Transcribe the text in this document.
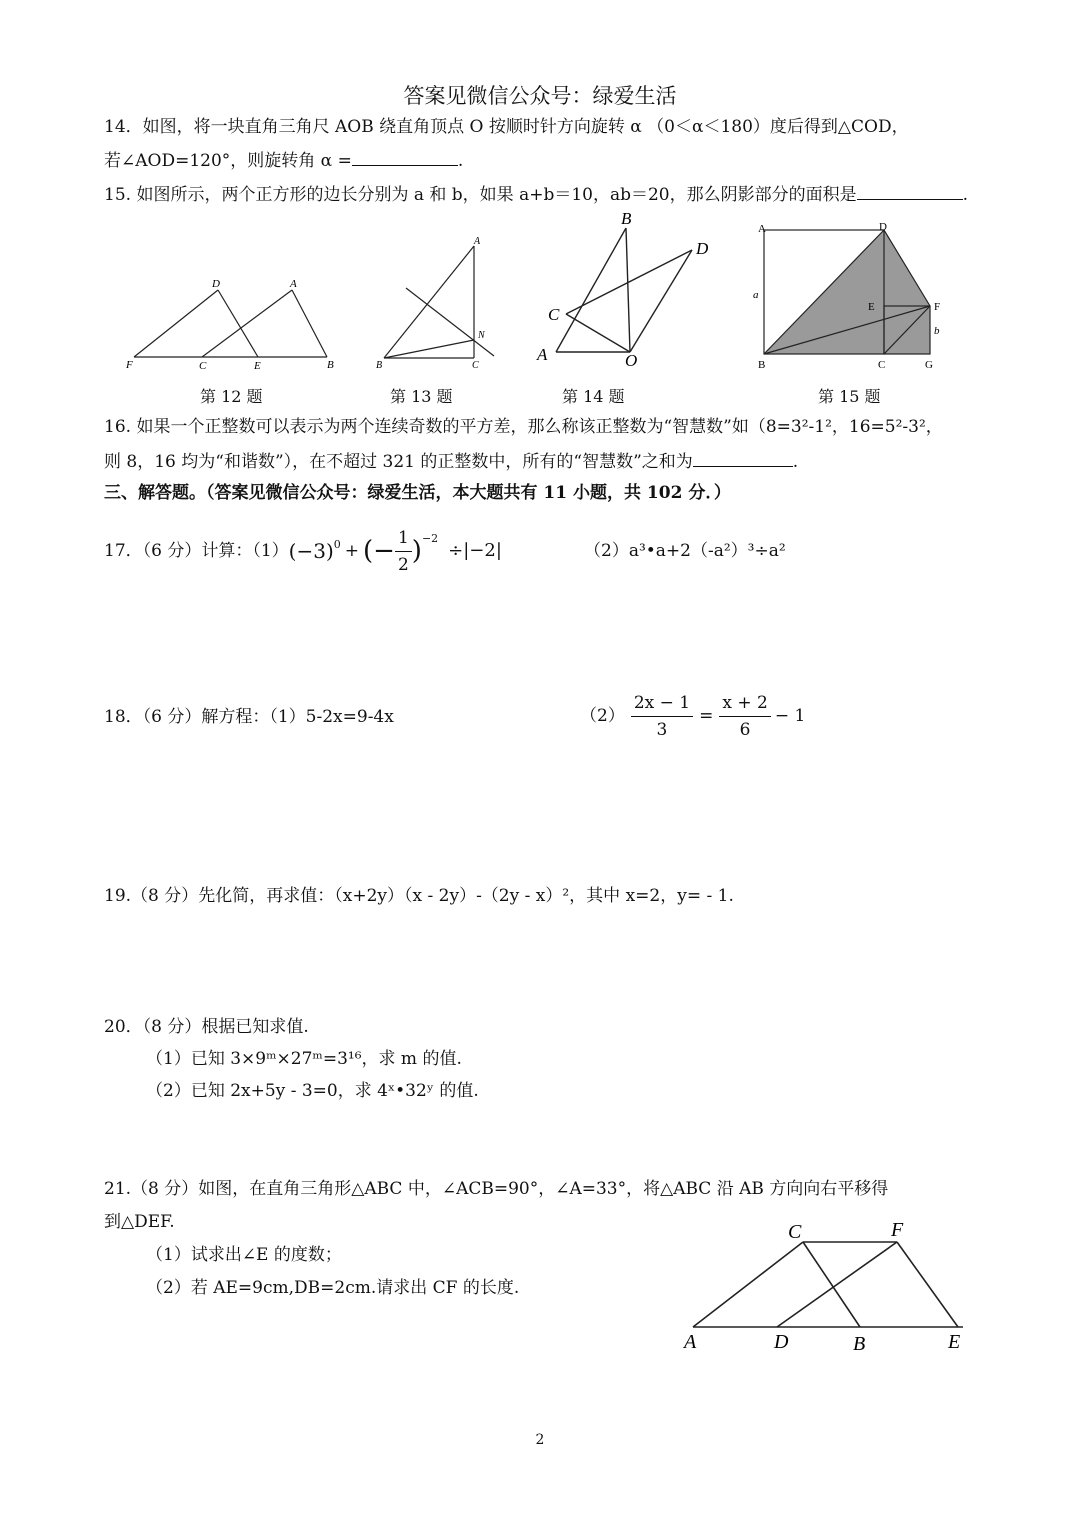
答案见微信公众号：绿爱生活
14．如图，将一块直角三角尺 AOB 绕直角顶点 O 按顺时针方向旋转 α （0＜α＜180）度后得到△COD，
若∠AOD=120°，则旋转角 α =	.
15. 如图所示，两个正方形的边长分别为 a 和 b，如果 a+b＝10，ab＝20，那么阴影部分的面积是	.
D	A
F	C	E	B
第 12 题
A
N
B	C
第 13 题
B
D
C
A	O
第 14 题
A	D
a
E	F
b
B	C	G
第 15 题
16. 如果一个正整数可以表示为两个连续奇数的平方差，那么称该正整数为“智慧数”如（8=3²-1²，16=5²-3²，
则 8，16 均为“和谐数”），在不超过 321 的正整数中，所有的“智慧数”之和为	.
三、解答题。（答案见微信公众号：绿爱生活，本大题共有 11 小题，共 102 分．）
17．（6 分）计算：（1） $(-3)^0$ + (− $\frac{1}{2} )^{-2}$
÷|−2|	（2）a³•a+2（-a²）³÷a²
18．（6 分）解方程：（1）5-2x=9-4x	$(2) \frac{2x - 1}{3} = \frac{x + 2}{6} - 1$
19.（8 分）先化简，再求值：（x+2y）（x - 2y）-（2y - x）²，其中 x=2，y= - 1.
20．（8 分）根据已知求值.
（1）已知 3×9ᵐ×27ᵐ=3¹⁶，求 m 的值.
（2）已知 2x+5y - 3=0，求 4ˣ•32ʸ 的值.
21.（8 分）如图，在直角三角形△ABC 中，∠ACB=90°，∠A=33°，将△ABC 沿 AB 方向向右平移得
到△DEF.
（1）试求出∠E 的度数；
（2）若 AE=9cm,DB=2cm.请求出 CF 的长度.
C	F
A	D	B	E
2
